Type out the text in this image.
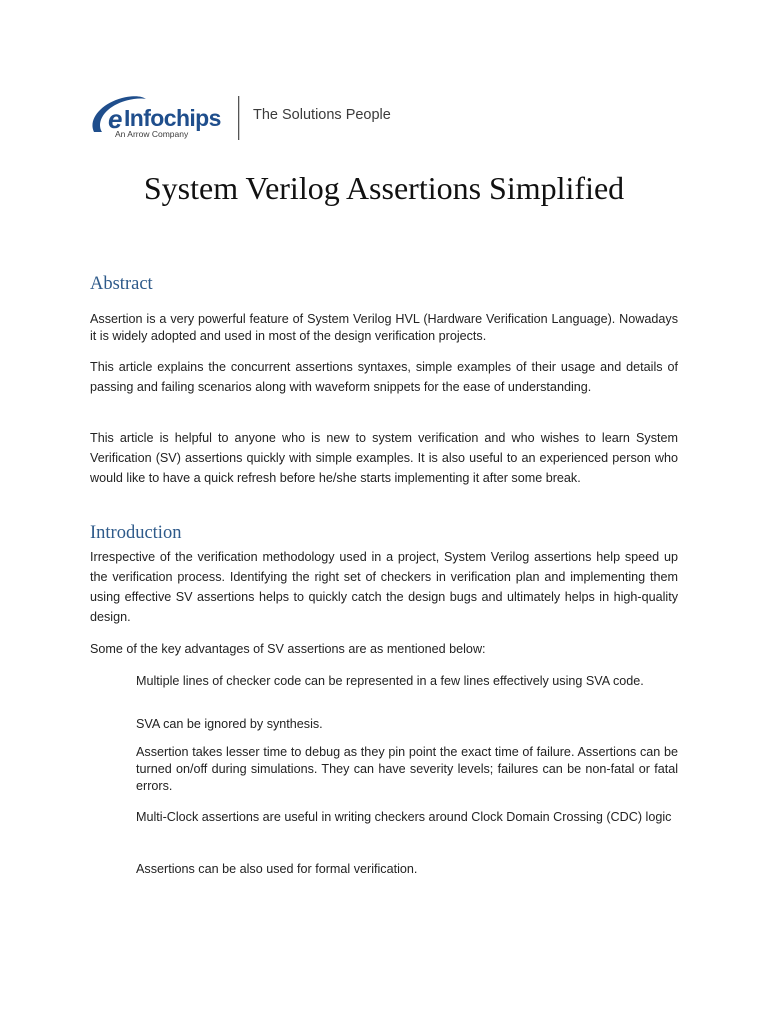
e Infochips
An Arrow Company
The Solutions People
System Verilog Assertions Simplified
Abstract
Assertion is a very powerful feature of System Verilog HVL (Hardware Verification Language). Nowadays it is widely adopted and used in most of the design verification projects.
This article explains the concurrent assertions syntaxes, simple examples of their usage and details of passing and failing scenarios along with waveform snippets for the ease of understanding.
This article is helpful to anyone who is new to system verification and who wishes to learn System Verification (SV) assertions quickly with simple examples. It is also useful to an experienced person who would like to have a quick refresh before he/she starts implementing it after some break.
Introduction
Irrespective of the verification methodology used in a project, System Verilog assertions help speed up the verification process. Identifying the right set of checkers in verification plan and implementing them using effective SV assertions helps to quickly catch the design bugs and ultimately helps in high-quality design.
Some of the key advantages of SV assertions are as mentioned below:
Multiple lines of checker code can be represented in a few lines effectively using SVA code.
SVA can be ignored by synthesis.
Assertion takes lesser time to debug as they pin point the exact time of failure. Assertions can be turned on/off during simulations. They can have severity levels; failures can be non-fatal or fatal errors.
Multi-Clock assertions are useful in writing checkers around Clock Domain Crossing (CDC) logic
Assertions can be also used for formal verification.
